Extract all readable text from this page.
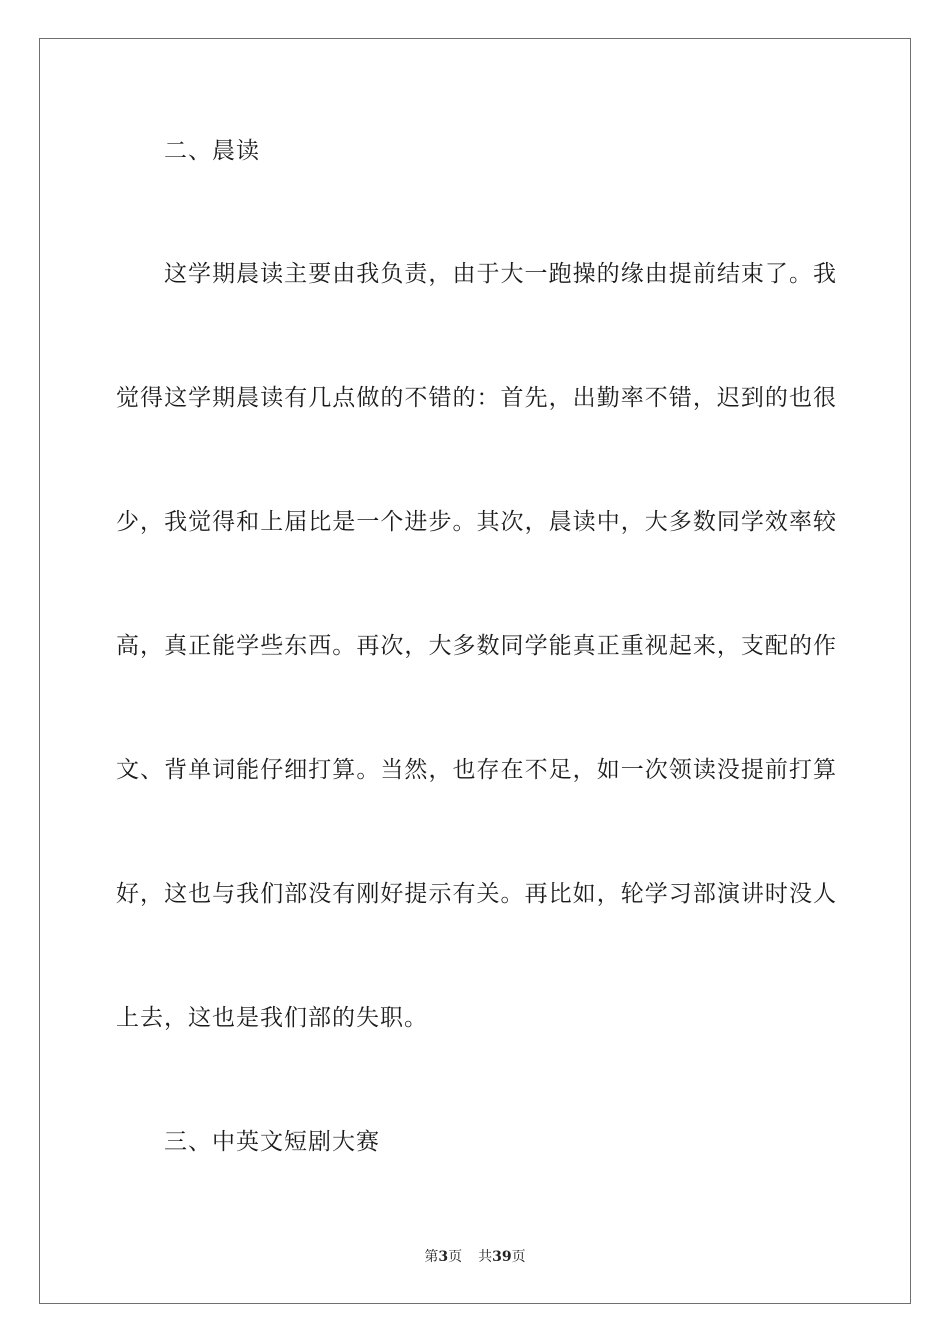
二、晨读
这学期晨读主要由我负责，由于大一跑操的缘由提前结束了。我
觉得这学期晨读有几点做的不错的：首先，出勤率不错，迟到的也很
少，我觉得和上届比是一个进步。其次，晨读中，大多数同学效率较
高，真正能学些东西。再次，大多数同学能真正重视起来，支配的作
文、背单词能仔细打算。当然，也存在不足，如一次领读没提前打算
好，这也与我们部没有刚好提示有关。再比如，轮学习部演讲时没人
上去，这也是我们部的失职。
三、中英文短剧大赛
第3页 共39页
